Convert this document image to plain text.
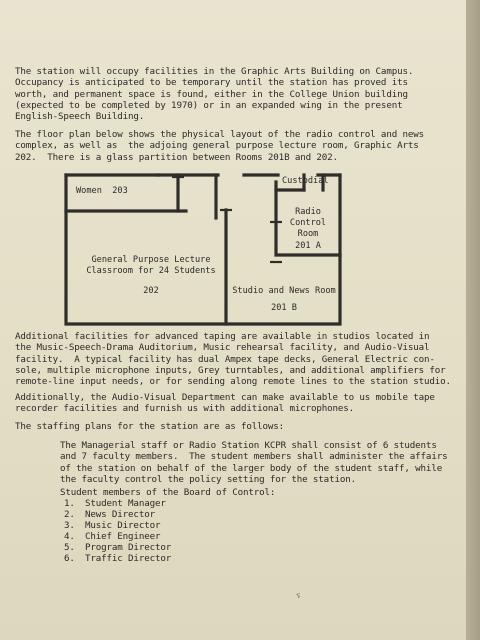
The station will occupy facilities in the Graphic Arts Building on Campus.
Occupancy is anticipated to be temporary until the station has proved its
worth, and permanent space is found, either in the College Union building
(expected to be completed by 1970) or in an expanded wing in the present
English-Speech Building.
The floor plan below shows the physical layout of the radio control and news
complex, as well as  the adjoing general purpose lecture room, Graphic Arts
202.  There is a glass partition between Rooms 201B and 202.
Women  203
Custodial
Radio
Control
Room
201 A
General Purpose Lecture
Classroom for 24 Students
202	Studio and News Room
201 B
Additional facilities for advanced taping are available in studios located in
the Music-Speech-Drama Auditorium, Music rehearsal facility, and Audio-Visual
facility.  A typical facility has dual Ampex tape decks, General Electric con-
sole, multiple microphone inputs, Grey turntables, and additional amplifiers for
remote-line input needs, or for sending along remote lines to the station studio.
Additionally, the Audio-Visual Department can make available to us mobile tape
recorder facilities and furnish us with additional microphones.
The staffing plans for the station are as follows:
The Managerial staff or Radio Station KCPR shall consist of 6 students
and 7 faculty members.  The student members shall administer the affairs
of the station on behalf of the larger body of the student staff, while
the faculty control the policy setting for the station.
Student members of the Board of Control:
1. Student Manager
2. News Director
3. Music Director
4. Chief Engineer
5. Program Director
6. Traffic Director
ร
